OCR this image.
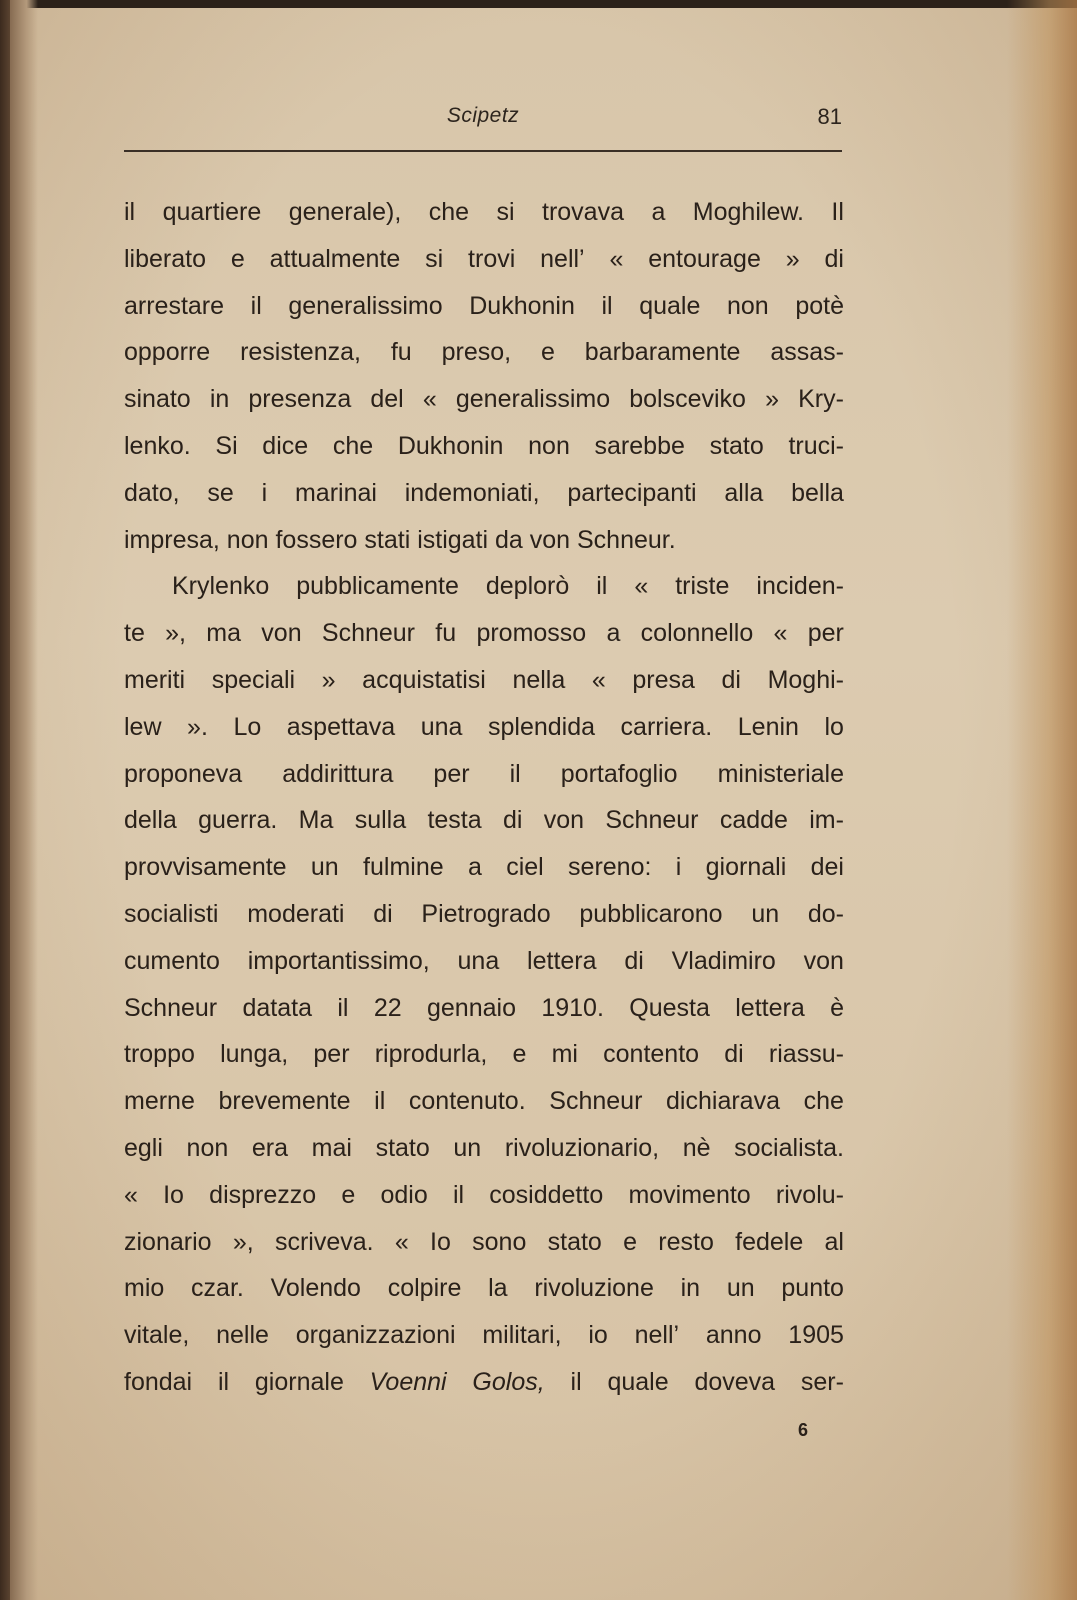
Scipetz	81
il quartiere generale), che si trovava a Moghilew. Il
liberato e attualmente si trovi nell’ « entourage » di
arrestare il generalissimo Dukhonin il quale non potè
opporre resistenza, fu preso, e barbaramente assas-
sinato in presenza del « generalissimo bolsceviko » Kry-
lenko. Si dice che Dukhonin non sarebbe stato truci-
dato, se i marinai indemoniati, partecipanti alla bella
impresa, non fossero stati istigati da von Schneur.
Krylenko pubblicamente deplorò il « triste inciden-
te », ma von Schneur fu promosso a colonnello « per
meriti speciali » acquistatisi nella « presa di Moghi-
lew ». Lo aspettava una splendida carriera. Lenin lo
proponeva addirittura per il portafoglio ministeriale
della guerra. Ma sulla testa di von Schneur cadde im-
provvisamente un fulmine a ciel sereno: i giornali dei
socialisti moderati di Pietrogrado pubblicarono un do-
cumento importantissimo, una lettera di Vladimiro von
Schneur datata il 22 gennaio 1910. Questa lettera è
troppo lunga, per riprodurla, e mi contento di riassu-
merne brevemente il contenuto. Schneur dichiarava che
egli non era mai stato un rivoluzionario, nè socialista.
« Io disprezzo e odio il cosiddetto movimento rivolu-
zionario », scriveva. « Io sono stato e resto fedele al
mio czar. Volendo colpire la rivoluzione in un punto
vitale, nelle organizzazioni militari, io nell’ anno 1905
fondai il giornale Voenni Golos, il quale doveva ser-
6
